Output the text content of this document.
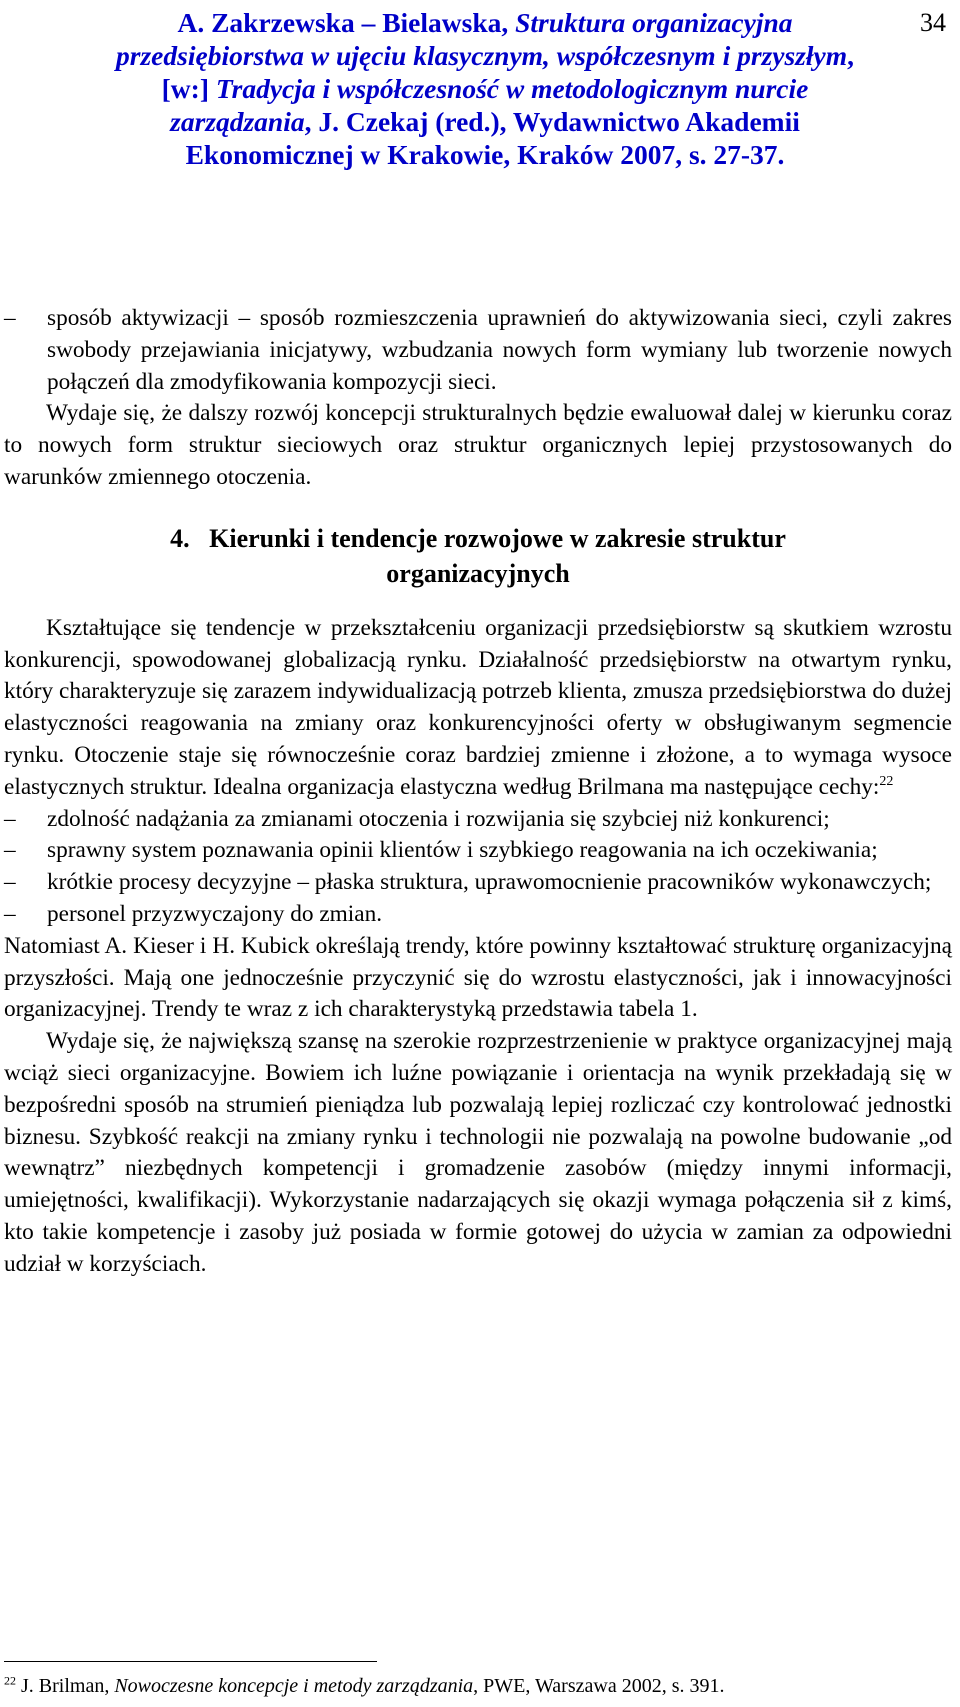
A. Zakrzewska – Bielawska, Struktura organizacyjna przedsiębiorstwa w ujęciu klasycznym, współczesnym i przyszłym, [w:] Tradycja i współczesność w metodologicznym nurcie zarządzania, J. Czekaj (red.), Wydawnictwo Akademii Ekonomicznej w Krakowie, Kraków 2007, s. 27-37.
34

– sposób aktywizacji – sposób rozmieszczenia uprawnień do aktywizowania sieci, czyli zakres swobody przejawiania inicjatywy, wzbudzania nowych form wymiany lub tworzenie nowych połączeń dla zmodyfikowania kompozycji sieci.

Wydaje się, że dalszy rozwój koncepcji strukturalnych będzie ewaluował dalej w kierunku coraz to nowych form struktur sieciowych oraz struktur organicznych lepiej przystosowanych do warunków zmiennego otoczenia.

4.   Kierunki i tendencje rozwojowe w zakresie struktur
organizacyjnych

Kształtujące się tendencje w przekształceniu organizacji przedsiębiorstw są skutkiem wzrostu konkurencji, spowodowanej globalizacją rynku. Działalność przedsiębiorstw na otwartym rynku, który charakteryzuje się zarazem indywidualizacją potrzeb klienta, zmusza przedsiębiorstwa do dużej elastyczności reagowania na zmiany oraz konkurencyjności oferty w obsługiwanym segmencie rynku. Otoczenie staje się równocześnie coraz bardziej zmienne i złożone, a to wymaga wysoce elastycznych struktur. Idealna organizacja elastyczna według Brilmana ma następujące cechy:$^{22}$

– zdolność nadążania za zmianami otoczenia i rozwijania się szybciej niż konkurenci;

– sprawny system poznawania opinii klientów i szybkiego reagowania na ich oczekiwania;

– krótkie procesy decyzyjne – płaska struktura, uprawomocnienie pracowników wykonawczych;

– personel przyzwyczajony do zmian.

Natomiast A. Kieser i H. Kubick określają trendy, które powinny kształtować strukturę organizacyjną przyszłości. Mają one jednocześnie przyczynić się do wzrostu elastyczności, jak i innowacyjności organizacyjnej. Trendy te wraz z ich charakterystyką przedstawia tabela 1.

Wydaje się, że największą szansę na szerokie rozprzestrzenienie w praktyce organizacyjnej mają wciąż sieci organizacyjne. Bowiem ich luźne powiązanie i orientacja na wynik przekładają się w bezpośredni sposób na strumień pieniądza lub pozwalają lepiej rozliczać czy kontrolować jednostki biznesu. Szybkość reakcji na zmiany rynku i technologii nie pozwalają na powolne budowanie „od wewnątrz” niezbędnych kompetencji i gromadzenie zasobów (między innymi informacji, umiejętności, kwalifikacji). Wykorzystanie nadarzających się okazji wymaga połączenia sił z kimś, kto takie kompetencje i zasoby już posiada w formie gotowej do użycia w zamian za odpowiedni udział w korzyściach.

$^{22}$ J. Brilman, Nowoczesne koncepcje i metody zarządzania, PWE, Warszawa 2002, s. 391.
